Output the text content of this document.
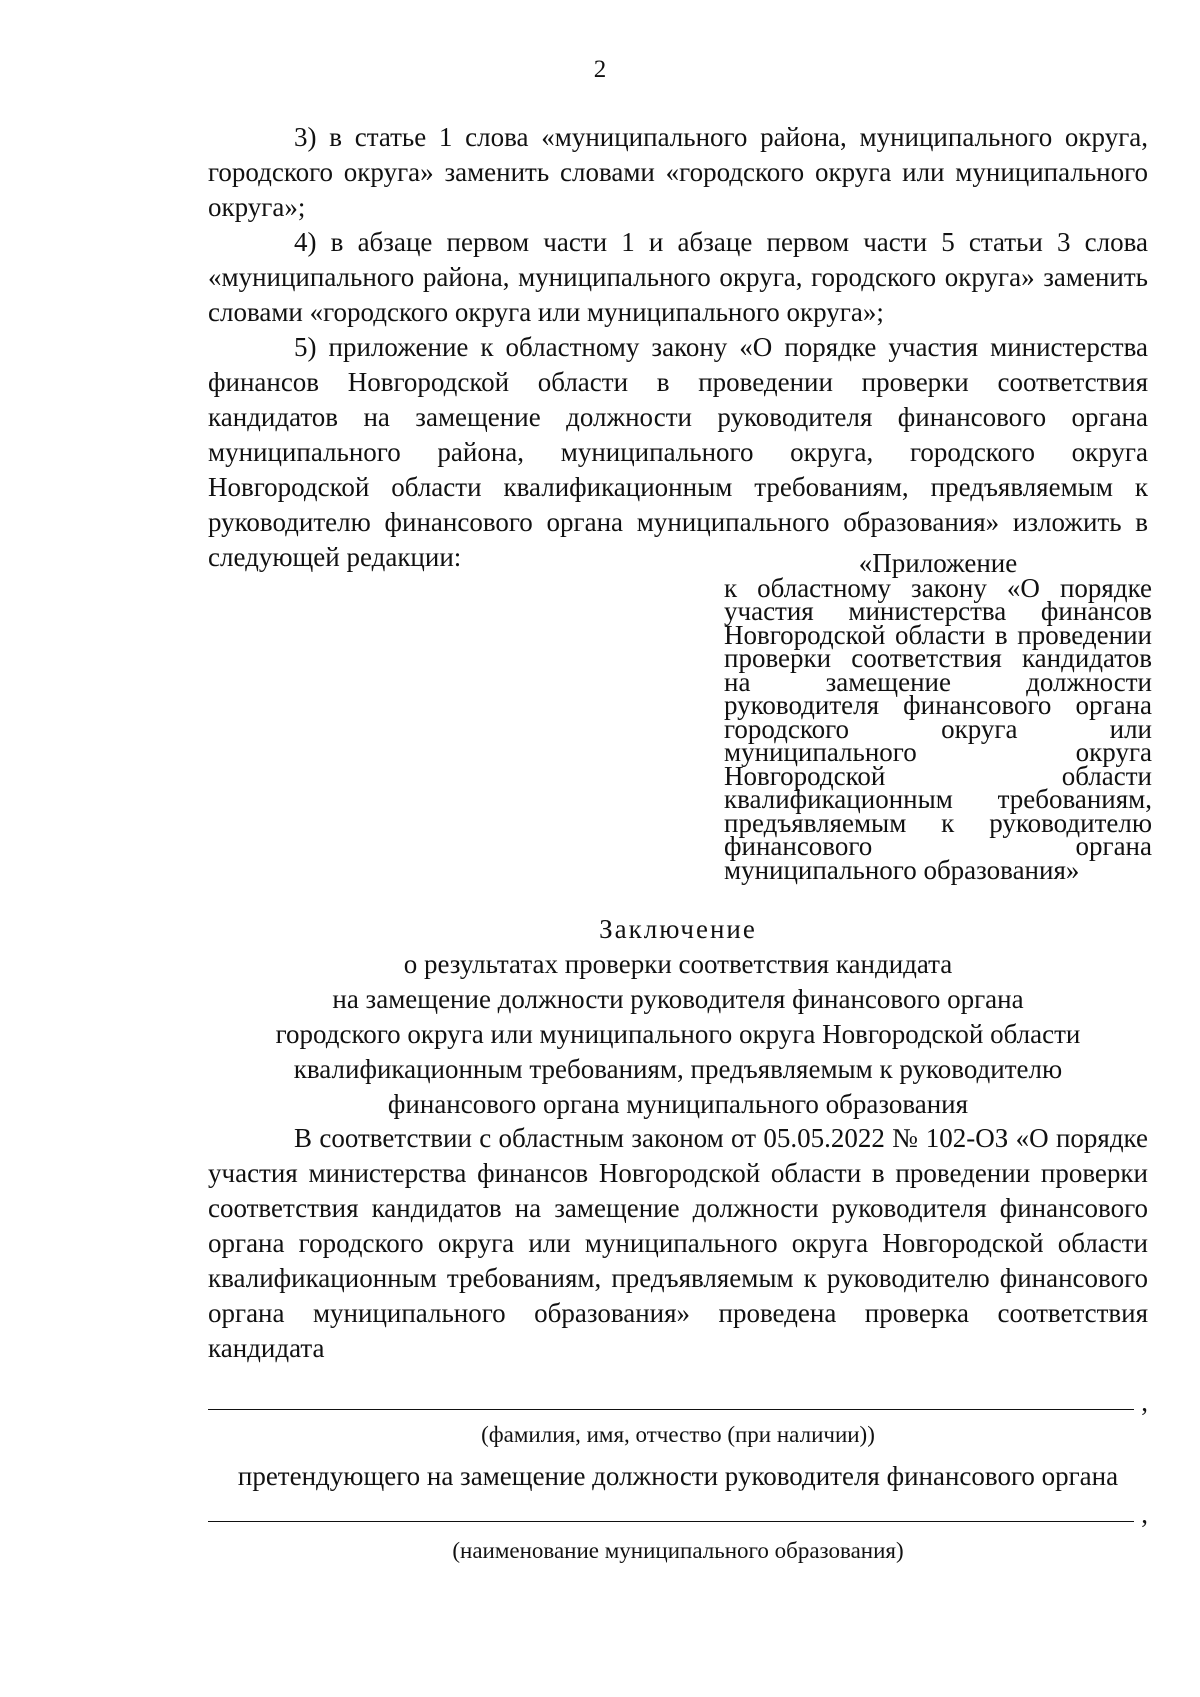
2

3) в статье 1 слова «муниципального района, муниципального округа, городского округа» заменить словами «городского округа или муниципального округа»;

4) в абзаце первом части 1 и абзаце первом части 5 статьи 3 слова «муниципального района, муниципального округа, городского округа» заменить словами «городского округа или муниципального округа»;

5) приложение к областному закону «О порядке участия министерства финансов Новгородской области в проведении проверки соответствия кандидатов на замещение должности руководителя финансового органа муниципального района, муниципального округа, городского округа Новгородской области квалификационным требованиям, предъявляемым к руководителю финансового органа муниципального образования» изложить в следующей редакции:	«Приложение

к областному закону «О порядке участия министерства финансов Новгородской области в проведении проверки соответствия кандидатов на замещение должности руководителя финансового органа городского округа или муниципального округа Новгородской области квалификационным требованиям, предъявляемым к руководителю финансового органа муниципального образования»

Заключение

о результатах проверки соответствия кандидата

на замещение должности руководителя финансового органа

городского округа или муниципального округа Новгородской области

квалификационным требованиям, предъявляемым к руководителю

финансового органа муниципального образования

В соответствии с областным законом от 05.05.2022 № 102-ОЗ «О порядке участия министерства финансов Новгородской области в проведении проверки соответствия кандидатов на замещение должности руководителя финансового органа городского округа или муниципального округа Новгородской области квалификационным требованиям, предъявляемым к руководителю финансового органа муниципального образования» проведена проверка соответствия кандидата

,
(фамилия, имя, отчество (при наличии))
претендующего на замещение должности руководителя финансового органа
,
(наименование муниципального образования)
